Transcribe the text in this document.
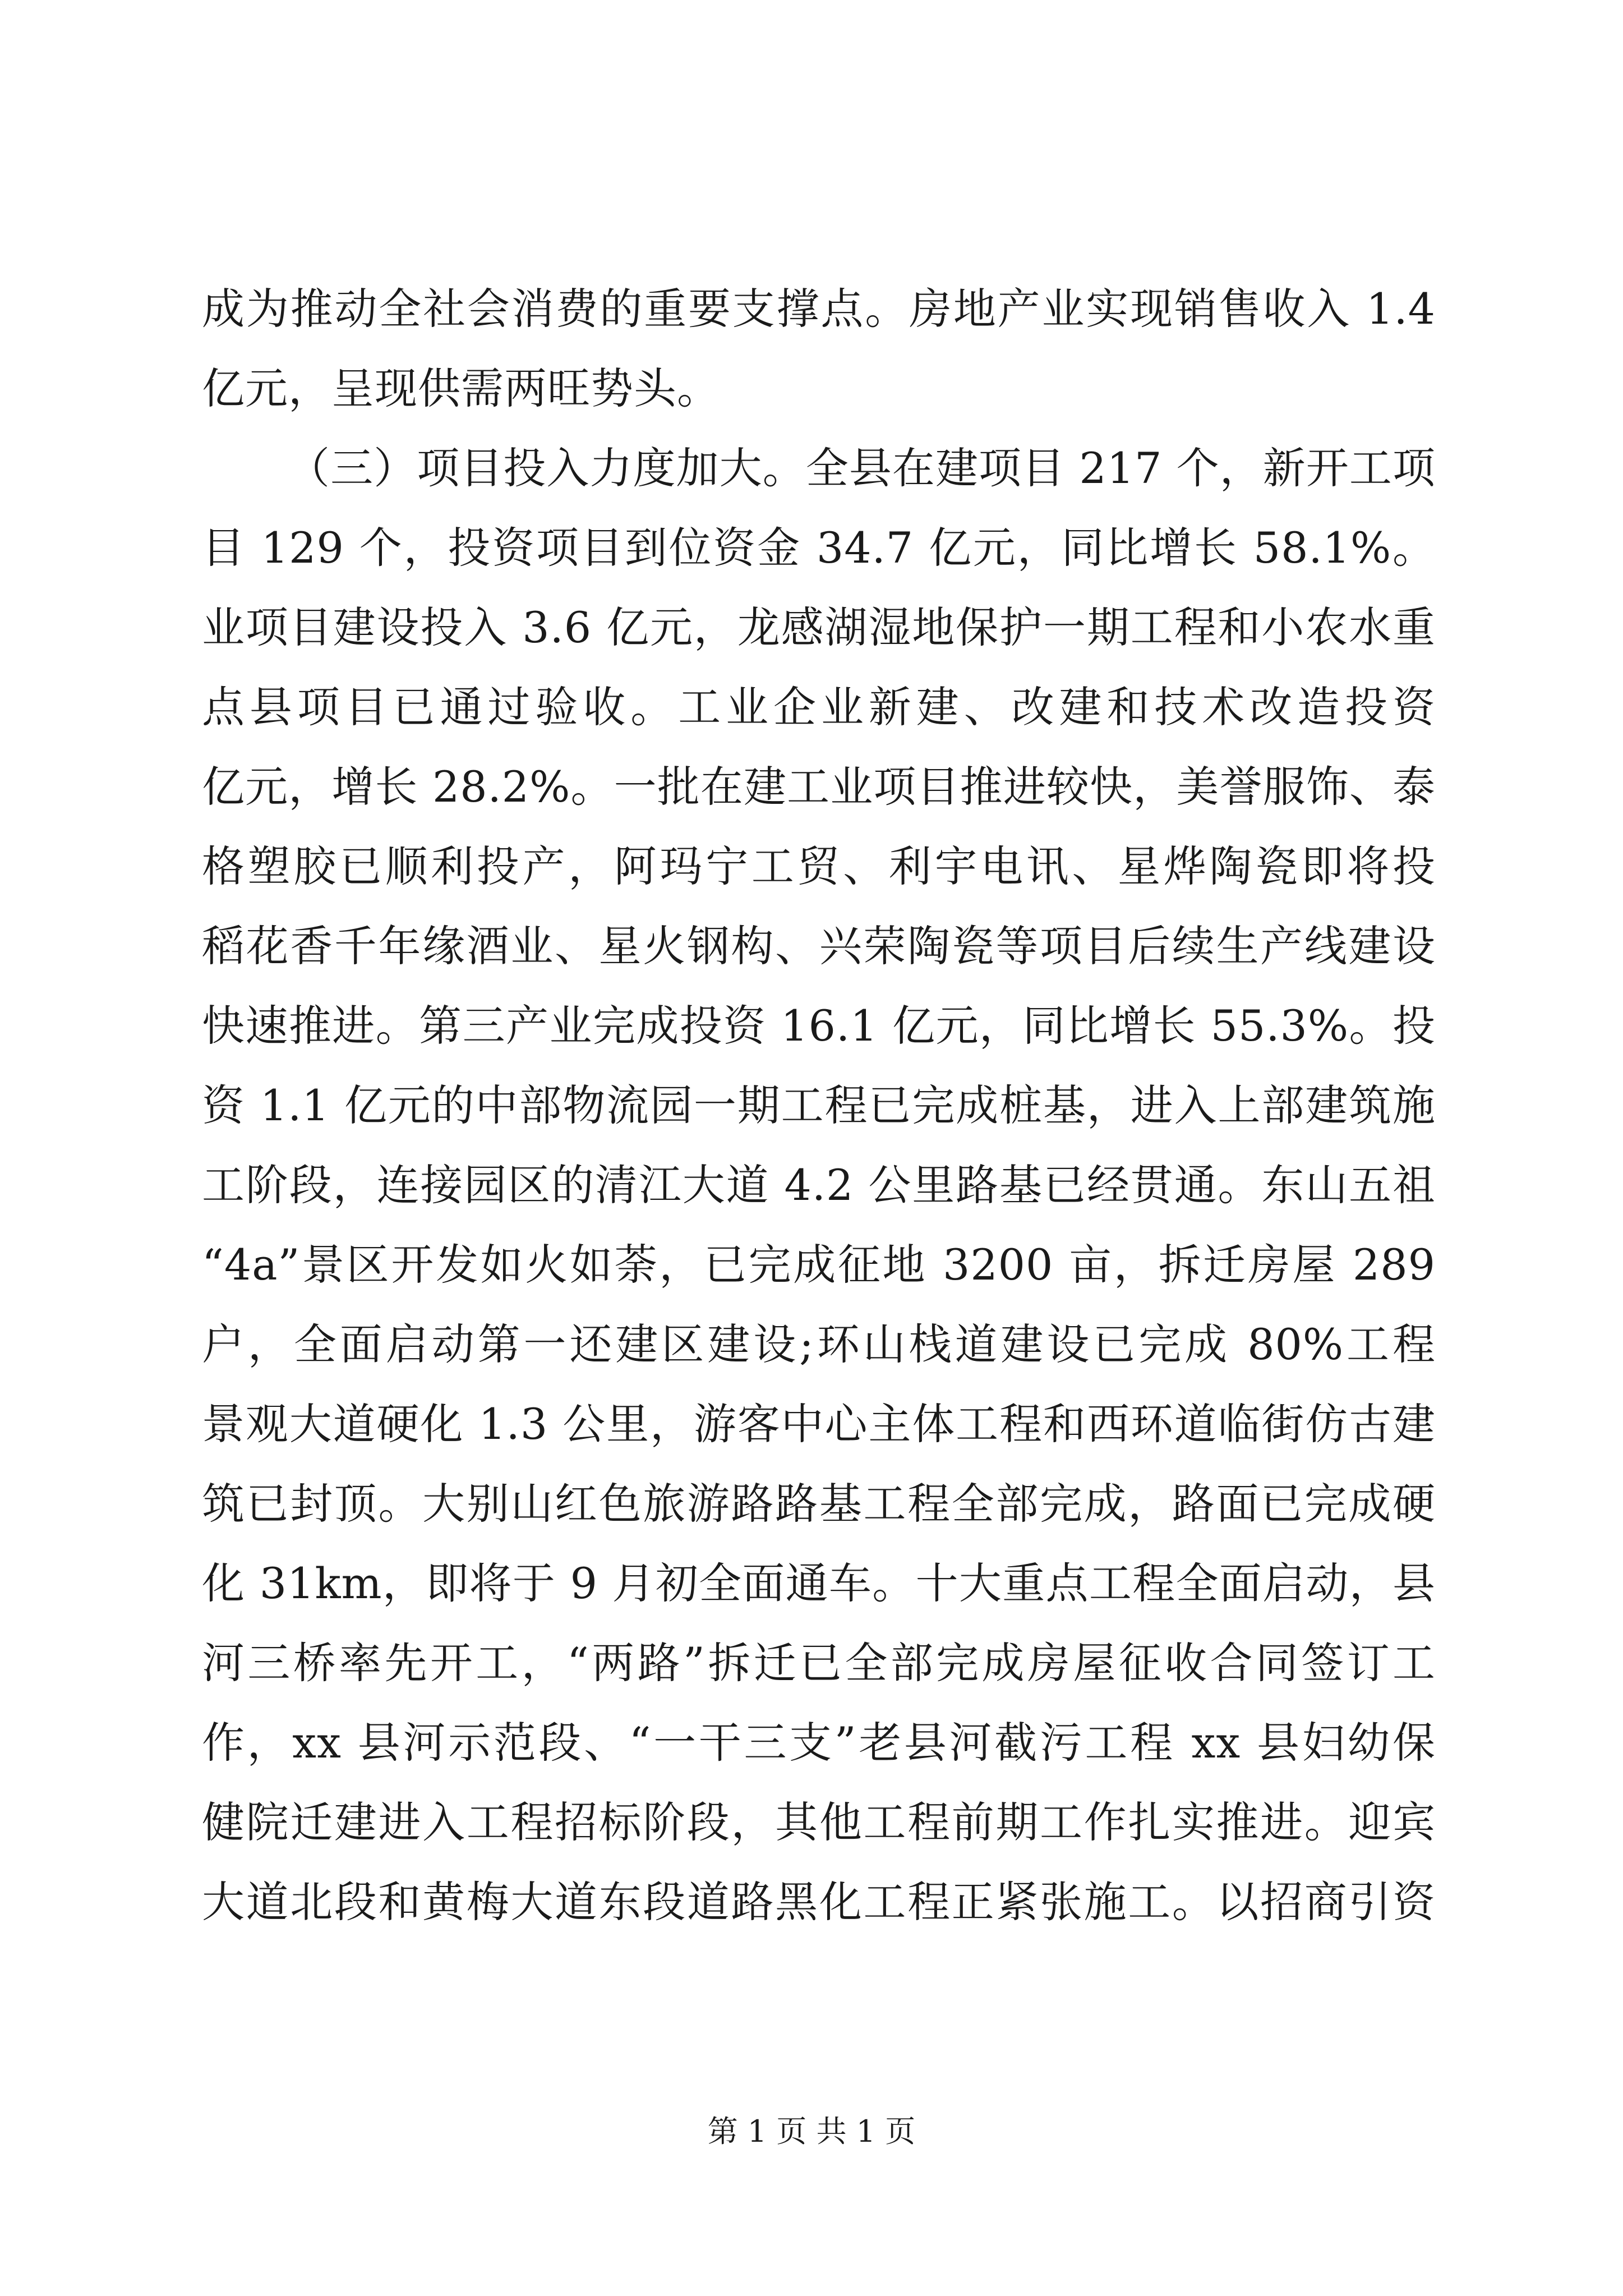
成为推动全社会消费的重要支撑点。房地产业实现销售收入 1.4
亿元，呈现供需两旺势头。
（三）项目投入力度加大。全县在建项目 217 个，新开工项
目 129 个，投资项目到位资金 34.7 亿元，同比增长 58.1%。
业项目建设投入 3.6 亿元，龙感湖湿地保护一期工程和小农水重
点县项目已通过验收。工业企业新建、改建和技术改造投资
亿元，增长 28.2%。一批在建工业项目推进较快，美誉服饰、泰
格塑胶已顺利投产，阿玛宁工贸、利宇电讯、星烨陶瓷即将投
稻花香千年缘酒业、星火钢构、兴荣陶瓷等项目后续生产线建设
快速推进。第三产业完成投资 16.1 亿元，同比增长 55.3%。投
资 1.1 亿元的中部物流园一期工程已完成桩基，进入上部建筑施
工阶段，连接园区的清江大道 4.2 公里路基已经贯通。东山五祖
“4a”景区开发如火如荼，已完成征地 3200 亩，拆迁房屋 289
户，全面启动第一还建区建设;环山栈道建设已完成 80%工程
景观大道硬化 1.3 公里，游客中心主体工程和西环道临街仿古建
筑已封顶。大别山红色旅游路路基工程全部完成，路面已完成硬
化 31km，即将于 9 月初全面通车。十大重点工程全面启动，县
河三桥率先开工，“两路”拆迁已全部完成房屋征收合同签订工
作，xx 县河示范段、“一干三支”老县河截污工程 xx 县妇幼保
健院迁建进入工程招标阶段，其他工程前期工作扎实推进。迎宾
大道北段和黄梅大道东段道路黑化工程正紧张施工。以招商引资
第 1 页 共 1 页
